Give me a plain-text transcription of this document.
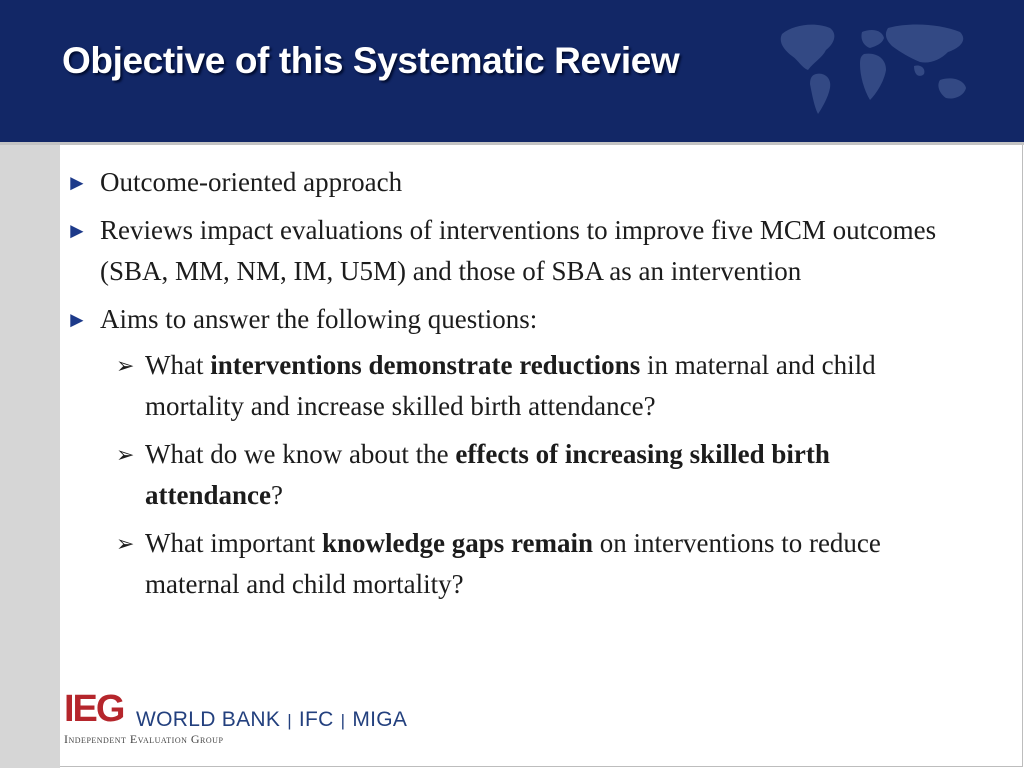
Objective of this Systematic Review
► Outcome-oriented approach
► Reviews impact evaluations of interventions to improve five MCM outcomes (SBA, MM, NM, IM, U5M) and those of SBA as an intervention
► Aims to answer the following questions:
➢ What interventions demonstrate reductions in maternal and child mortality and increase skilled birth attendance?
➢ What do we know about the effects of increasing skilled birth attendance?
➢ What important knowledge gaps remain on interventions to reduce maternal and child mortality?
IEG WORLD BANK | IFC | MIGA
Independent Evaluation Group
